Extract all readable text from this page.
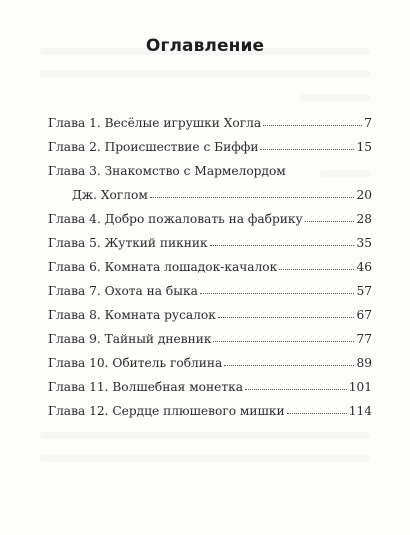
Оглавление
Глава 1. Весёлые игрушки Хогла	7
Глава 2. Происшествие с Биффи	15
Глава 3. Знакомство с Мармелордом
Дж. Хоглом	20
Глава 4. Добро пожаловать на фабрику	28
Глава 5. Жуткий пикник	35
Глава 6. Комната лошадок-качалок	46
Глава 7. Охота на быка	57
Глава 8. Комната русалок	67
Глава 9. Тайный дневник	77
Глава 10. Обитель гоблина	89
Глава 11. Волшебная монетка	101
Глава 12. Сердце плюшевого мишки	114
